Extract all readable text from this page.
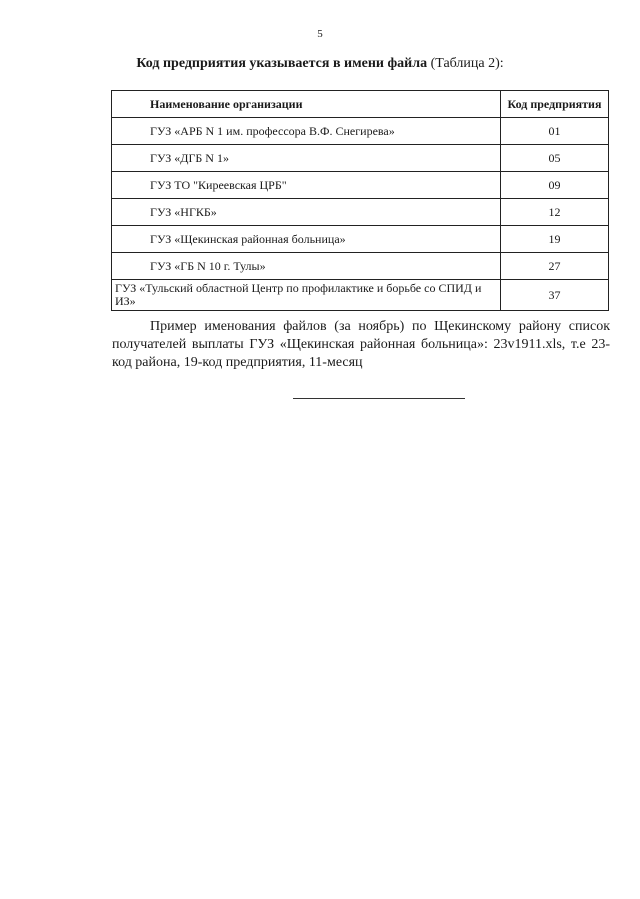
5
Код предприятия указывается в имени файла (Таблица 2):
Наименование организации	Код предприятия
ГУЗ «АРБ N 1 им. профессора В.Ф. Снегирева»	01
ГУЗ «ДГБ N 1»	05
ГУЗ ТО "Киреевская ЦРБ"	09
ГУЗ «НГКБ»	12
ГУЗ «Щекинская районная больница»	19
ГУЗ «ГБ N 10 г. Тулы»	27
ГУЗ «Тульский областной Центр по профилактике и борьбе со СПИД и ИЗ»	37
Пример именования файлов (за ноябрь) по Щекинскому району список получателей выплаты ГУЗ «Щекинская районная больница»: 23v1911.xls, т.е 23-код района, 19-код предприятия, 11-месяц
